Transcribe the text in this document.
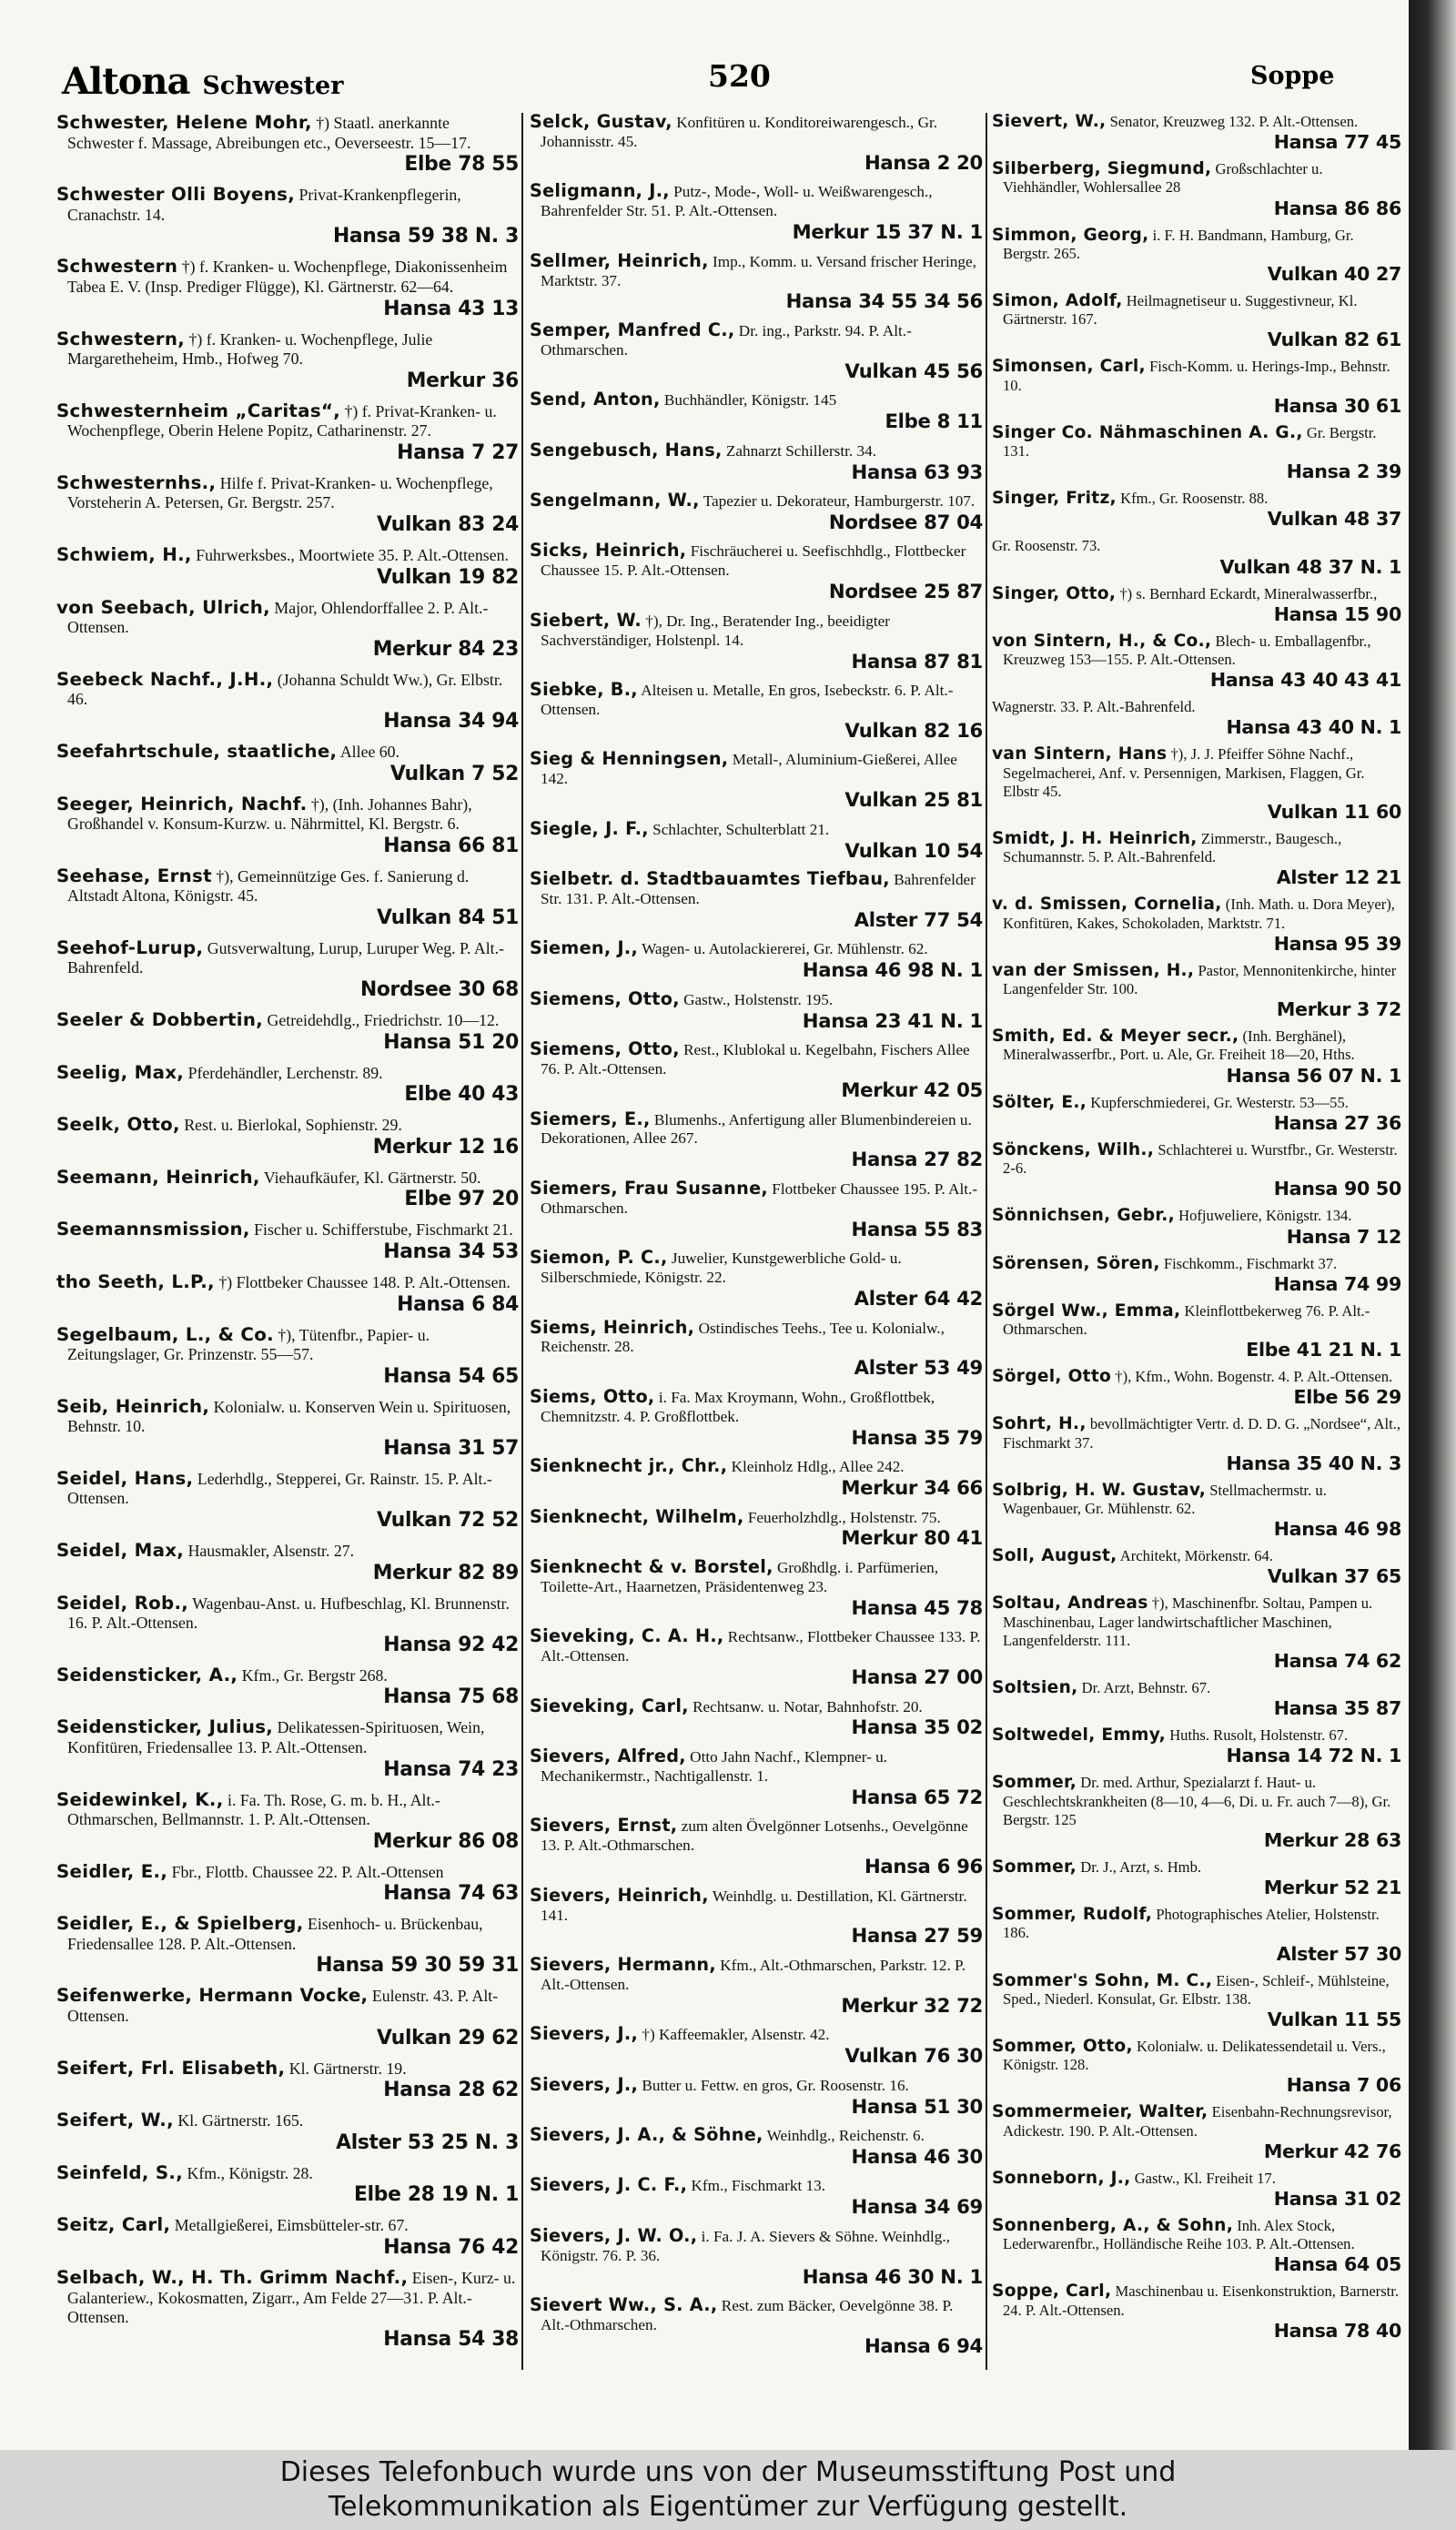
Altona Schwester	520	Soppe
Schwester, Helene Mohr, †) Staatl. anerkannte Schwester f. Massage, Abreibungen etc., Oeverseestr. 15—17.
Elbe 78 55
Schwester Olli Boyens, Privat-Krankenpflegerin, Cranachstr. 14.
Hansa 59 38 N. 3
Schwestern †) f. Kranken- u. Wochenpflege, Diakonissenheim Tabea E. V. (Insp. Prediger Flügge), Kl. Gärtnerstr. 62—64.
Hansa 43 13
Schwestern, †) f. Kranken- u. Wochenpflege, Julie Margaretheheim, Hmb., Hofweg 70.
Merkur 36
Schwesternheim „Caritas“, †) f. Privat-Kranken- u. Wochenpflege, Oberin Helene Popitz, Catharinenstr. 27.
Hansa 7 27
Schwesternhs., Hilfe f. Privat-Kranken- u. Wochenpflege, Vorsteherin A. Petersen, Gr. Bergstr. 257.
Vulkan 83 24
Schwiem, H., Fuhrwerksbes., Moortwiete 35. P. Alt.-Ottensen.
Vulkan 19 82
von Seebach, Ulrich, Major, Ohlendorffallee 2. P. Alt.-Ottensen.
Merkur 84 23
Seebeck Nachf., J.H., (Johanna Schuldt Ww.), Gr. Elbstr. 46.
Hansa 34 94
Seefahrtschule, staatliche, Allee 60.
Vulkan 7 52
Seeger, Heinrich, Nachf. †), (Inh. Johannes Bahr), Großhandel v. Konsum-Kurzw. u. Nährmittel, Kl. Bergstr. 6.
Hansa 66 81
Seehase, Ernst †), Gemeinnützige Ges. f. Sanierung d. Altstadt Altona, Königstr. 45.
Vulkan 84 51
Seehof-Lurup, Gutsverwaltung, Lurup, Luruper Weg. P. Alt.-Bahrenfeld.
Nordsee 30 68
Seeler & Dobbertin, Getreidehdlg., Friedrichstr. 10—12.
Hansa 51 20
Seelig, Max, Pferdehändler, Lerchenstr. 89.
Elbe 40 43
Seelk, Otto, Rest. u. Bierlokal, Sophienstr. 29.
Merkur 12 16
Seemann, Heinrich, Viehaufkäufer, Kl. Gärtnerstr. 50.
Elbe 97 20
Seemannsmission, Fischer u. Schifferstube, Fischmarkt 21.
Hansa 34 53
tho Seeth, L.P., †) Flottbeker Chaussee 148. P. Alt.-Ottensen.
Hansa 6 84
Segelbaum, L., & Co. †), Tütenfbr., Papier- u. Zeitungslager, Gr. Prinzenstr. 55—57.
Hansa 54 65
Seib, Heinrich, Kolonialw. u. Konserven Wein u. Spirituosen, Behnstr. 10.
Hansa 31 57
Seidel, Hans, Lederhdlg., Stepperei, Gr. Rainstr. 15. P. Alt.-Ottensen.
Vulkan 72 52
Seidel, Max, Hausmakler, Alsenstr. 27.
Merkur 82 89
Seidel, Rob., Wagenbau-Anst. u. Hufbeschlag, Kl. Brunnenstr. 16. P. Alt.-Ottensen.
Hansa 92 42
Seidensticker, A., Kfm., Gr. Bergstr 268.
Hansa 75 68
Seidensticker, Julius, Delikatessen-Spirituosen, Wein, Konfitüren, Friedensallee 13. P. Alt.-Ottensen.
Hansa 74 23
Seidewinkel, K., i. Fa. Th. Rose, G. m. b. H., Alt.-Othmarschen, Bellmannstr. 1. P. Alt.-Ottensen.
Merkur 86 08
Seidler, E., Fbr., Flottb. Chaussee 22. P. Alt.-Ottensen
Hansa 74 63
Seidler, E., & Spielberg, Eisenhoch- u. Brückenbau, Friedensallee 128. P. Alt.-Ottensen.
Hansa 59 30 59 31
Seifenwerke, Hermann Vocke, Eulenstr. 43. P. Alt-Ottensen.
Vulkan 29 62
Seifert, Frl. Elisabeth, Kl. Gärtnerstr. 19.
Hansa 28 62
Seifert, W., Kl. Gärtnerstr. 165.
Alster 53 25 N. 3
Seinfeld, S., Kfm., Königstr. 28.
Elbe 28 19 N. 1
Seitz, Carl, Metallgießerei, Eimsbütteler-str. 67.
Hansa 76 42
Selbach, W., H. Th. Grimm Nachf., Eisen-, Kurz- u. Galanteriew., Kokosmatten, Zigarr., Am Felde 27—31. P. Alt.-Ottensen.
Hansa 54 38
Selck, Gustav, Konfitüren u. Konditoreiwarengesch., Gr. Johannisstr. 45.
Hansa 2 20
Seligmann, J., Putz-, Mode-, Woll- u. Weißwarengesch., Bahrenfelder Str. 51. P. Alt.-Ottensen.
Merkur 15 37 N. 1
Sellmer, Heinrich, Imp., Komm. u. Versand frischer Heringe, Marktstr. 37.
Hansa 34 55 34 56
Semper, Manfred C., Dr. ing., Parkstr. 94. P. Alt.-Othmarschen.
Vulkan 45 56
Send, Anton, Buchhändler, Königstr. 145
Elbe 8 11
Sengebusch, Hans, Zahnarzt Schillerstr. 34.
Hansa 63 93
Sengelmann, W., Tapezier u. Dekorateur, Hamburgerstr. 107.
Nordsee 87 04
Sicks, Heinrich, Fischräucherei u. Seefischhdlg., Flottbecker Chaussee 15. P. Alt.-Ottensen.
Nordsee 25 87
Siebert, W. †), Dr. Ing., Beratender Ing., beeidigter Sachverständiger, Holstenpl. 14.
Hansa 87 81
Siebke, B., Alteisen u. Metalle, En gros, Isebeckstr. 6. P. Alt.-Ottensen.
Vulkan 82 16
Sieg & Henningsen, Metall-, Aluminium-Gießerei, Allee 142.
Vulkan 25 81
Siegle, J. F., Schlachter, Schulterblatt 21.
Vulkan 10 54
Sielbetr. d. Stadtbauamtes Tiefbau, Bahrenfelder Str. 131. P. Alt.-Ottensen.
Alster 77 54
Siemen, J., Wagen- u. Autolackiererei, Gr. Mühlenstr. 62.
Hansa 46 98 N. 1
Siemens, Otto, Gastw., Holstenstr. 195.
Hansa 23 41 N. 1
Siemens, Otto, Rest., Klublokal u. Kegelbahn, Fischers Allee 76. P. Alt.-Ottensen.
Merkur 42 05
Siemers, E., Blumenhs., Anfertigung aller Blumenbindereien u. Dekorationen, Allee 267.
Hansa 27 82
Siemers, Frau Susanne, Flottbeker Chaussee 195. P. Alt.-Othmarschen.
Hansa 55 83
Siemon, P. C., Juwelier, Kunstgewerbliche Gold- u. Silberschmiede, Königstr. 22.
Alster 64 42
Siems, Heinrich, Ostindisches Teehs., Tee u. Kolonialw., Reichenstr. 28.
Alster 53 49
Siems, Otto, i. Fa. Max Kroymann, Wohn., Großflottbek, Chemnitzstr. 4. P. Großflottbek.
Hansa 35 79
Sienknecht jr., Chr., Kleinholz Hdlg., Allee 242.
Merkur 34 66
Sienknecht, Wilhelm, Feuerholzhdlg., Holstenstr. 75.
Merkur 80 41
Sienknecht & v. Borstel, Großhdlg. i. Parfümerien, Toilette-Art., Haarnetzen, Präsidentenweg 23.
Hansa 45 78
Sieveking, C. A. H., Rechtsanw., Flottbeker Chaussee 133. P. Alt.-Ottensen.
Hansa 27 00
Sieveking, Carl, Rechtsanw. u. Notar, Bahnhofstr. 20.
Hansa 35 02
Sievers, Alfred, Otto Jahn Nachf., Klempner- u. Mechanikermstr., Nachtigallenstr. 1.
Hansa 65 72
Sievers, Ernst, zum alten Övelgönner Lotsenhs., Oevelgönne 13. P. Alt.-Othmarschen.
Hansa 6 96
Sievers, Heinrich, Weinhdlg. u. Destillation, Kl. Gärtnerstr. 141.
Hansa 27 59
Sievers, Hermann, Kfm., Alt.-Othmarschen, Parkstr. 12. P. Alt.-Ottensen.
Merkur 32 72
Sievers, J., †) Kaffeemakler, Alsenstr. 42.
Vulkan 76 30
Sievers, J., Butter u. Fettw. en gros, Gr. Roosenstr. 16.
Hansa 51 30
Sievers, J. A., & Söhne, Weinhdlg., Reichenstr. 6.
Hansa 46 30
Sievers, J. C. F., Kfm., Fischmarkt 13.
Hansa 34 69
Sievers, J. W. O., i. Fa. J. A. Sievers & Söhne. Weinhdlg., Königstr. 76. P. 36.
Hansa 46 30 N. 1
Sievert Ww., S. A., Rest. zum Bäcker, Oevelgönne 38. P. Alt.-Othmarschen.
Hansa 6 94
Sievert, W., Senator, Kreuzweg 132. P. Alt.-Ottensen.
Hansa 77 45
Silberberg, Siegmund, Großschlachter u. Viehhändler, Wohlersallee 28
Hansa 86 86
Simmon, Georg, i. F. H. Bandmann, Hamburg, Gr. Bergstr. 265.
Vulkan 40 27
Simon, Adolf, Heilmagnetiseur u. Suggestivneur, Kl. Gärtnerstr. 167.
Vulkan 82 61
Simonsen, Carl, Fisch-Komm. u. Herings-Imp., Behnstr. 10.
Hansa 30 61
Singer Co. Nähmaschinen A. G., Gr. Bergstr. 131.
Hansa 2 39
Singer, Fritz, Kfm., Gr. Roosenstr. 88.
Vulkan 48 37
Gr. Roosenstr. 73.
Vulkan 48 37 N. 1
Singer, Otto, †) s. Bernhard Eckardt, Mineralwasserfbr.,
Hansa 15 90
von Sintern, H., & Co., Blech- u. Emballagenfbr., Kreuzweg 153—155. P. Alt.-Ottensen.
Hansa 43 40 43 41
Wagnerstr. 33. P. Alt.-Bahrenfeld.
Hansa 43 40 N. 1
van Sintern, Hans †), J. J. Pfeiffer Söhne Nachf., Segelmacherei, Anf. v. Persennigen, Markisen, Flaggen, Gr. Elbstr 45.
Vulkan 11 60
Smidt, J. H. Heinrich, Zimmerstr., Baugesch., Schumannstr. 5. P. Alt.-Bahrenfeld.
Alster 12 21
v. d. Smissen, Cornelia, (Inh. Math. u. Dora Meyer), Konfitüren, Kakes, Schokoladen, Marktstr. 71.
Hansa 95 39
van der Smissen, H., Pastor, Mennonitenkirche, hinter Langenfelder Str. 100.
Merkur 3 72
Smith, Ed. & Meyer secr., (Inh. Berghänel), Mineralwasserfbr., Port. u. Ale, Gr. Freiheit 18—20, Hths.
Hansa 56 07 N. 1
Sölter, E., Kupferschmiederei, Gr. Westerstr. 53—55.
Hansa 27 36
Sönckens, Wilh., Schlachterei u. Wurstfbr., Gr. Westerstr. 2-6.
Hansa 90 50
Sönnichsen, Gebr., Hofjuweliere, Königstr. 134.
Hansa 7 12
Sörensen, Sören, Fischkomm., Fischmarkt 37.
Hansa 74 99
Sörgel Ww., Emma, Kleinflottbekerweg 76. P. Alt.-Othmarschen.
Elbe 41 21 N. 1
Sörgel, Otto †), Kfm., Wohn. Bogenstr. 4. P. Alt.-Ottensen.
Elbe 56 29
Sohrt, H., bevollmächtigter Vertr. d. D. D. G. „Nordsee“, Alt., Fischmarkt 37.
Hansa 35 40 N. 3
Solbrig, H. W. Gustav, Stellmachermstr. u. Wagenbauer, Gr. Mühlenstr. 62.
Hansa 46 98
Soll, August, Architekt, Mörkenstr. 64.
Vulkan 37 65
Soltau, Andreas †), Maschinenfbr. Soltau, Pampen u. Maschinenbau, Lager landwirtschaftlicher Maschinen, Langenfelderstr. 111.
Hansa 74 62
Soltsien, Dr. Arzt, Behnstr. 67.
Hansa 35 87
Soltwedel, Emmy, Huths. Rusolt, Holstenstr. 67.
Hansa 14 72 N. 1
Sommer, Dr. med. Arthur, Spezialarzt f. Haut- u. Geschlechtskrankheiten (8—10, 4—6, Di. u. Fr. auch 7—8), Gr. Bergstr. 125
Merkur 28 63
Sommer, Dr. J., Arzt, s. Hmb.
Merkur 52 21
Sommer, Rudolf, Photographisches Atelier, Holstenstr. 186.
Alster 57 30
Sommer's Sohn, M. C., Eisen-, Schleif-, Mühlsteine, Sped., Niederl. Konsulat, Gr. Elbstr. 138.
Vulkan 11 55
Sommer, Otto, Kolonialw. u. Delikatessendetail u. Vers., Königstr. 128.
Hansa 7 06
Sommermeier, Walter, Eisenbahn-Rechnungsrevisor, Adickestr. 190. P. Alt.-Ottensen.
Merkur 42 76
Sonneborn, J., Gastw., Kl. Freiheit 17.
Hansa 31 02
Sonnenberg, A., & Sohn, Inh. Alex Stock, Lederwarenfbr., Holländische Reihe 103. P. Alt.-Ottensen.
Hansa 64 05
Soppe, Carl, Maschinenbau u. Eisenkonstruktion, Barnerstr. 24. P. Alt.-Ottensen.
Hansa 78 40
Dieses Telefonbuch wurde uns von der Museumsstiftung Post und
Telekommunikation als Eigentümer zur Verfügung gestellt.
